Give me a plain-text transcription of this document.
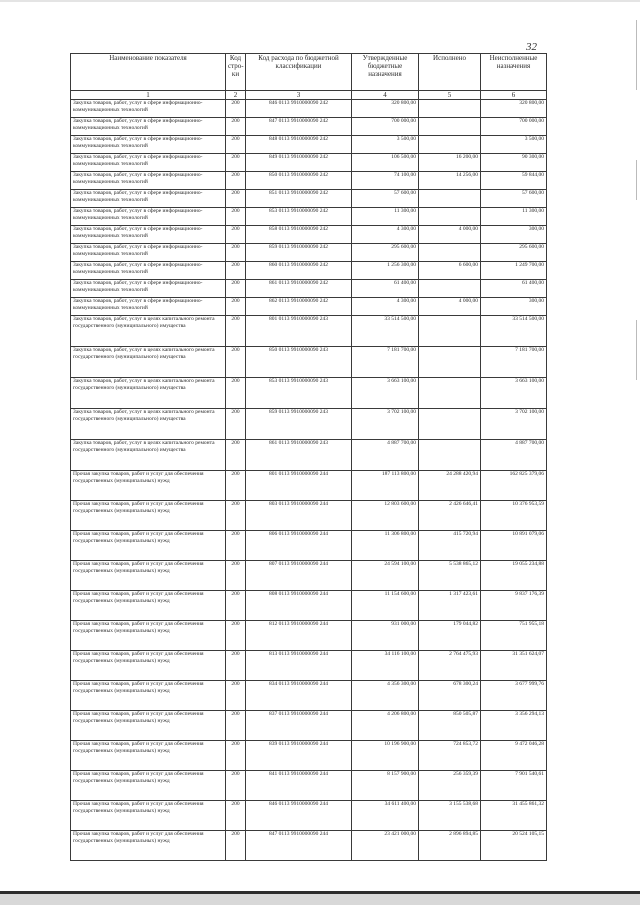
32
Наименование показателя	Код стро-ки	Код расхода по бюджетной классификации	Утвержденные бюджетные назначения	Исполнено	Неисполненные назначения
1	2	3	4	5	6
Закупка товаров, работ, услуг в сфере информационно-коммуникационных технологий	200	846 0113 9910000090 242	320 800,00		320 800,00
Закупка товаров, работ, услуг в сфере информационно-коммуникационных технологий	200	847 0113 9910000090 242	700 000,00		700 000,00
Закупка товаров, работ, услуг в сфере информационно-коммуникационных технологий	200	848 0113 9910000090 242	3 500,00		3 500,00
Закупка товаров, работ, услуг в сфере информационно-коммуникационных технологий	200	849 0113 9910000090 242	106 500,00	16 200,00	90 300,00
Закупка товаров, работ, услуг в сфере информационно-коммуникационных технологий	200	850 0113 9910000090 242	74 100,00	14 256,00	59 844,00
Закупка товаров, работ, услуг в сфере информационно-коммуникационных технологий	200	851 0113 9910000090 242	57 600,00		57 600,00
Закупка товаров, работ, услуг в сфере информационно-коммуникационных технологий	200	853 0113 9910000090 242	11 300,00		11 300,00
Закупка товаров, работ, услуг в сфере информационно-коммуникационных технологий	200	858 0113 9910000090 242	4 300,00	4 000,00	300,00
Закупка товаров, работ, услуг в сфере информационно-коммуникационных технологий	200	859 0113 9910000090 242	295 600,00		295 600,00
Закупка товаров, работ, услуг в сфере информационно-коммуникационных технологий	200	860 0113 9910000090 242	1 256 300,00	6 600,00	1 249 700,00
Закупка товаров, работ, услуг в сфере информационно-коммуникационных технологий	200	861 0113 9910000090 242	61 400,00		61 400,00
Закупка товаров, работ, услуг в сфере информационно-коммуникационных технологий	200	862 0113 9910000090 242	4 300,00	4 000,00	300,00
Закупка товаров, работ, услуг в целях капитального ремонта государственного (муниципального) имущества	200	801 0113 9910000090 243	33 514 500,00		33 514 500,00
Закупка товаров, работ, услуг в целях капитального ремонта государственного (муниципального) имущества	200	850 0113 9910000090 243	7 181 700,00		7 181 700,00
Закупка товаров, работ, услуг в целях капитального ремонта государственного (муниципального) имущества	200	853 0113 9910000090 243	3 663 100,00		3 663 100,00
Закупка товаров, работ, услуг в целях капитального ремонта государственного (муниципального) имущества	200	859 0113 9910000090 243	3 702 100,00		3 702 100,00
Закупка товаров, работ, услуг в целях капитального ремонта государственного (муниципального) имущества	200	861 0113 9910000090 243	4 887 700,00		4 887 700,00
Прочая закупка товаров, работ и услуг для обеспечения государственных (муниципальных) нужд	200	801 0113 9910000090 244	187 113 800,00	24 288 420,94	162 825 379,06
Прочая закупка товаров, работ и услуг для обеспечения государственных (муниципальных) нужд	200	803 0113 9910000090 244	12 803 600,00	2 426 646,41	10 376 953,59
Прочая закупка товаров, работ и услуг для обеспечения государственных (муниципальных) нужд	200	806 0113 9910000090 244	11 306 800,00	415 720,94	10 891 079,06
Прочая закупка товаров, работ и услуг для обеспечения государственных (муниципальных) нужд	200	807 0113 9910000090 244	24 594 100,00	5 538 865,12	19 055 234,88
Прочая закупка товаров, работ и услуг для обеспечения государственных (муниципальных) нужд	200	808 0113 9910000090 244	11 154 600,00	1 317 423,61	9 837 176,39
Прочая закупка товаров, работ и услуг для обеспечения государственных (муниципальных) нужд	200	812 0113 9910000090 244	931 000,00	179 044,82	751 955,18
Прочая закупка товаров, работ и услуг для обеспечения государственных (муниципальных) нужд	200	813 0113 9910000090 244	34 116 100,00	2 764 475,93	31 351 624,07
Прочая закупка товаров, работ и услуг для обеспечения государственных (муниципальных) нужд	200	834 0113 9910000090 244	4 356 300,00	678 300,24	3 677 999,76
Прочая закупка товаров, работ и услуг для обеспечения государственных (муниципальных) нужд	200	837 0113 9910000090 244	4 206 800,00	850 505,87	3 356 294,13
Прочая закупка товаров, работ и услуг для обеспечения государственных (муниципальных) нужд	200	839 0113 9910000090 244	10 196 900,00	724 853,72	9 472 046,28
Прочая закупка товаров, работ и услуг для обеспечения государственных (муниципальных) нужд	200	841 0113 9910000090 244	8 157 900,00	256 359,39	7 901 540,61
Прочая закупка товаров, работ и услуг для обеспечения государственных (муниципальных) нужд	200	846 0113 9910000090 244	34 611 400,00	3 155 538,68	31 455 861,32
Прочая закупка товаров, работ и услуг для обеспечения государственных (муниципальных) нужд	200	847 0113 9910000090 244	23 421 000,00	2 896 894,85	20 524 105,15
